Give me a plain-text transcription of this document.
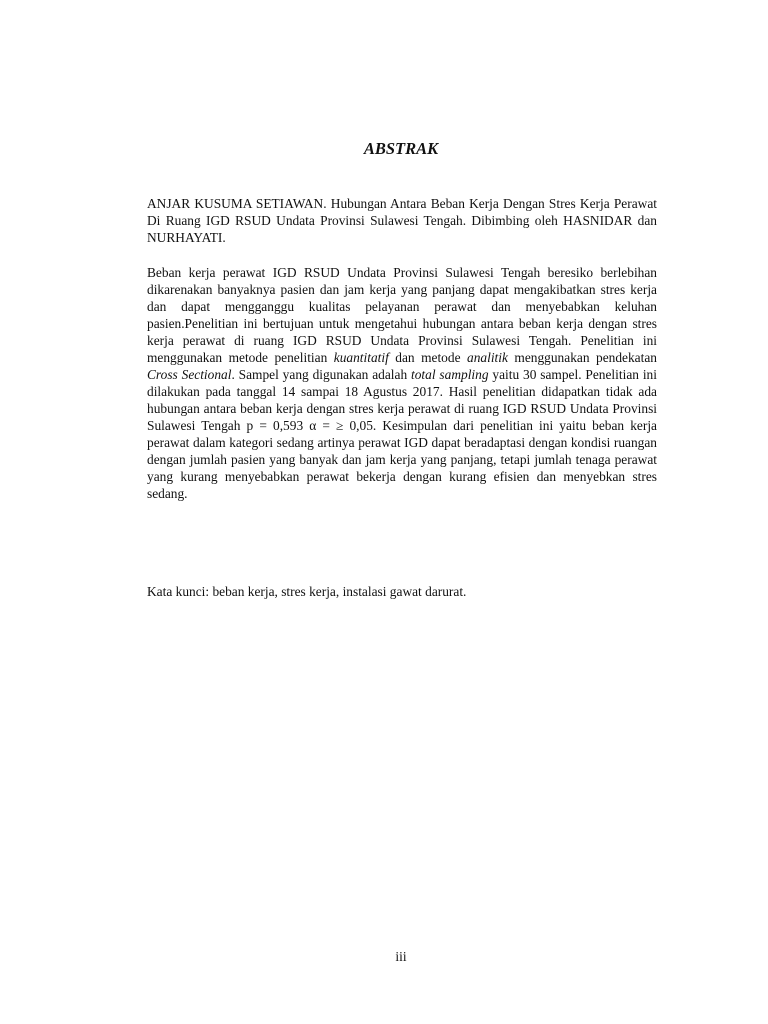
ABSTRAK
ANJAR KUSUMA SETIAWAN. Hubungan Antara Beban Kerja Dengan Stres Kerja Perawat Di Ruang IGD RSUD Undata Provinsi Sulawesi Tengah. Dibimbing oleh HASNIDAR dan NURHAYATI.
Beban kerja perawat IGD RSUD Undata Provinsi Sulawesi Tengah beresiko berlebihan dikarenakan banyaknya pasien dan jam kerja yang panjang dapat mengakibatkan stres kerja dan dapat mengganggu kualitas pelayanan perawat dan menyebabkan keluhan pasien.Penelitian ini bertujuan untuk mengetahui hubungan antara beban kerja dengan stres kerja perawat di ruang IGD RSUD Undata Provinsi Sulawesi Tengah. Penelitian ini menggunakan metode penelitian kuantitatif dan metode analitik menggunakan pendekatan Cross Sectional. Sampel yang digunakan adalah total sampling yaitu 30 sampel. Penelitian ini dilakukan pada tanggal 14 sampai 18 Agustus 2017. Hasil penelitian didapatkan tidak ada hubungan antara beban kerja dengan stres kerja perawat di ruang IGD RSUD Undata Provinsi Sulawesi Tengah p = 0,593 α = ≥ 0,05. Kesimpulan dari penelitian ini yaitu beban kerja perawat dalam kategori sedang artinya perawat IGD dapat beradaptasi dengan kondisi ruangan dengan jumlah pasien yang banyak dan jam kerja yang panjang, tetapi jumlah tenaga perawat yang kurang menyebabkan perawat bekerja dengan kurang efisien dan menyebkan stres sedang.
Kata kunci: beban kerja, stres kerja, instalasi gawat darurat.
iii
